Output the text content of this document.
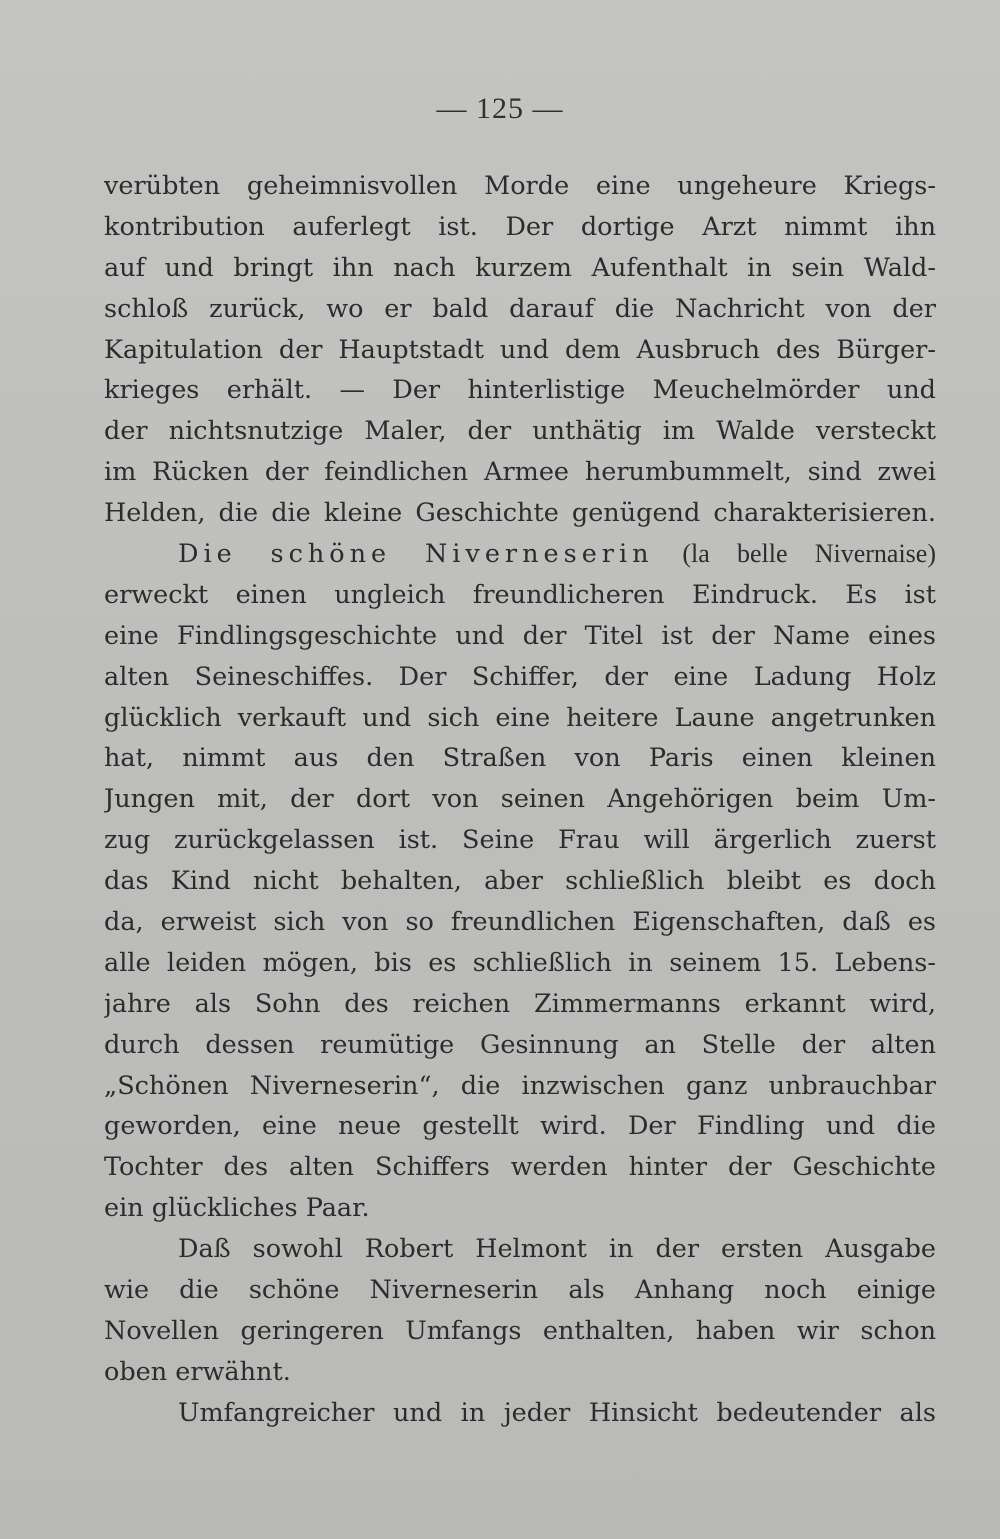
— 125 —
verübten geheimnisvollen Morde eine ungeheure Kriegs-
kontribution auferlegt ist. Der dortige Arzt nimmt ihn
auf und bringt ihn nach kurzem Aufenthalt in sein Wald-
schloß zurück, wo er bald darauf die Nachricht von der
Kapitulation der Hauptstadt und dem Ausbruch des Bürger-
krieges erhält. — Der hinterlistige Meuchelmörder und
der nichtsnutzige Maler, der unthätig im Walde versteckt
im Rücken der feindlichen Armee herumbummelt, sind zwei
Helden, die die kleine Geschichte genügend charakterisieren.
Die schöne Niverneserin (la belle Nivernaise)
erweckt einen ungleich freundlicheren Eindruck. Es ist
eine Findlingsgeschichte und der Titel ist der Name eines
alten Seineschiffes. Der Schiffer, der eine Ladung Holz
glücklich verkauft und sich eine heitere Laune angetrunken
hat, nimmt aus den Straßen von Paris einen kleinen
Jungen mit, der dort von seinen Angehörigen beim Um-
zug zurückgelassen ist. Seine Frau will ärgerlich zuerst
das Kind nicht behalten, aber schließlich bleibt es doch
da, erweist sich von so freundlichen Eigenschaften, daß es
alle leiden mögen, bis es schließlich in seinem 15. Lebens-
jahre als Sohn des reichen Zimmermanns erkannt wird,
durch dessen reumütige Gesinnung an Stelle der alten
„Schönen Niverneserin“, die inzwischen ganz unbrauchbar
geworden, eine neue gestellt wird. Der Findling und die
Tochter des alten Schiffers werden hinter der Geschichte
ein glückliches Paar.
Daß sowohl Robert Helmont in der ersten Ausgabe
wie die schöne Niverneserin als Anhang noch einige
Novellen geringeren Umfangs enthalten, haben wir schon
oben erwähnt.
Umfangreicher und in jeder Hinsicht bedeutender als
